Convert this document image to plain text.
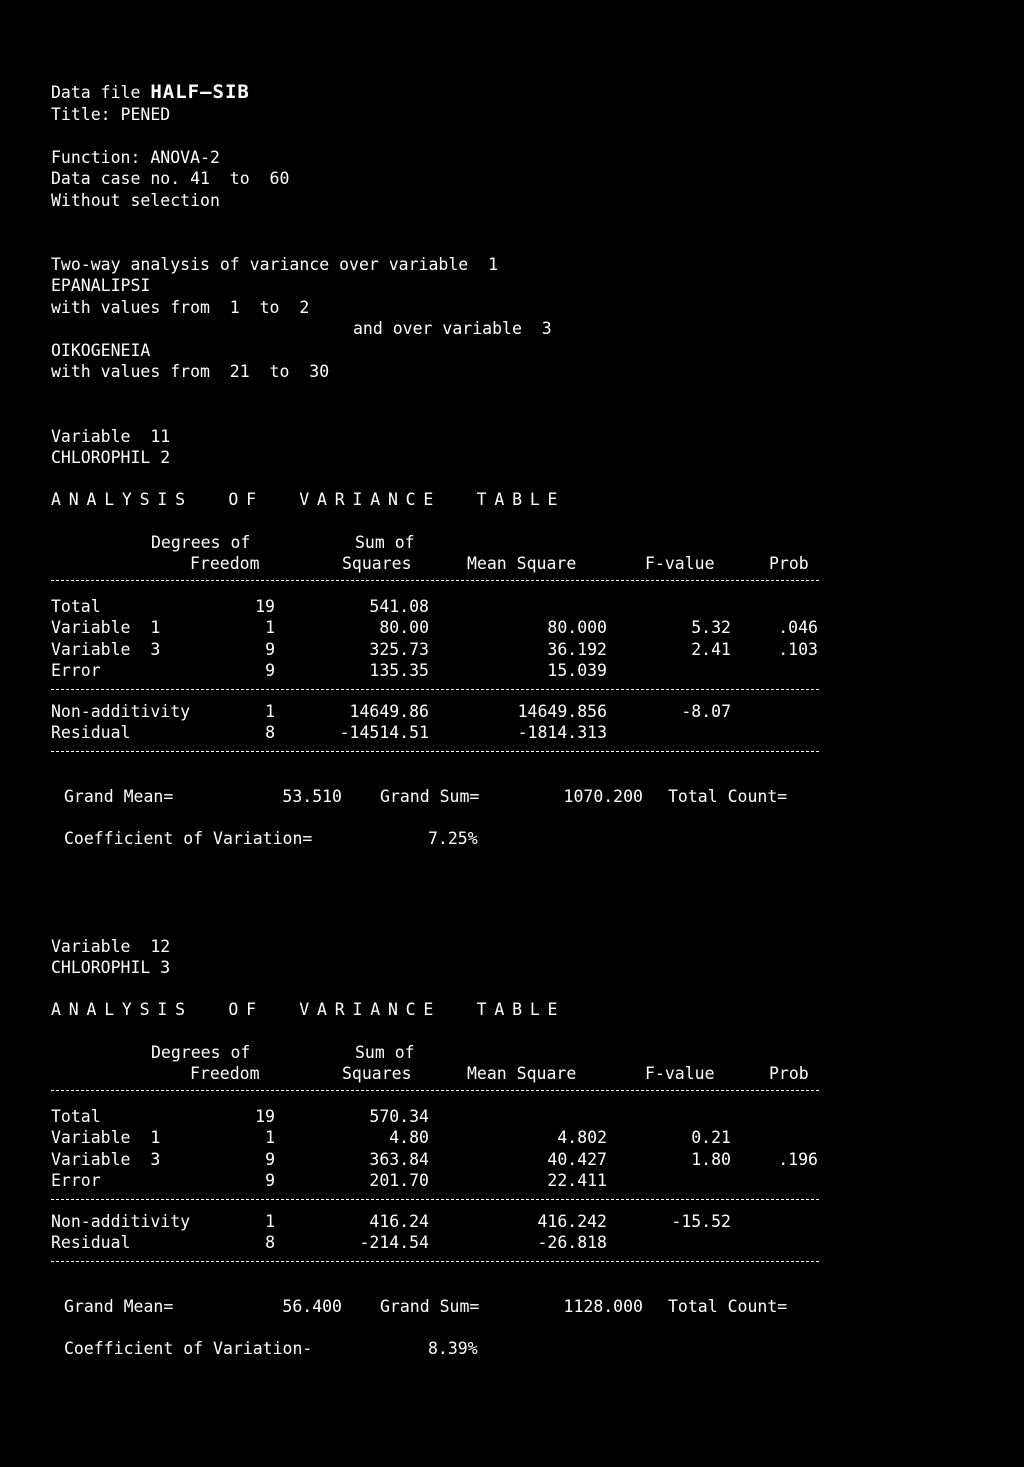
Data file HALF—SIB
Title: PENED
Function: ANOVA-2
Data case no. 41  to  60
Without selection
Two-way analysis of variance over variable  1
EPANALIPSI
with values from  1  to  2
and over variable  3
OIKOGENEIA
with values from  21  to  30
Variable  11
CHLOROPHIL 2
ANALYSIS  OF  VARIANCE  TABLE
Degrees of
Freedom
Sum of
Squares	Mean Square	F-value	Prob
Total	19	541.08
Variable  1	1	80.00	80.000	5.32	.046
Variable  3	9	325.73	36.192	2.41	.103
Error	9	135.35	15.039
Non-additivity	1	14649.86	14649.856	-8.07
Residual	8	-14514.51	-1814.313
Grand Mean=	53.510 Grand Sum=	1070.200 Total Count=
Coefficient of Variation=	7.25%
Variable  12
CHLOROPHIL 3
ANALYSIS  OF  VARIANCE  TABLE
Degrees of
Freedom
Sum of
Squares	Mean Square	F-value	Prob
Total	19	570.34
Variable  1	1	4.80	4.802	0.21
Variable  3	9	363.84	40.427	1.80	.196
Error	9	201.70	22.411
Non-additivity	1	416.24	416.242	-15.52
Residual	8	-214.54	-26.818
Grand Mean=	56.400 Grand Sum=	1128.000 Total Count=
Coefficient of Variation-	8.39%
